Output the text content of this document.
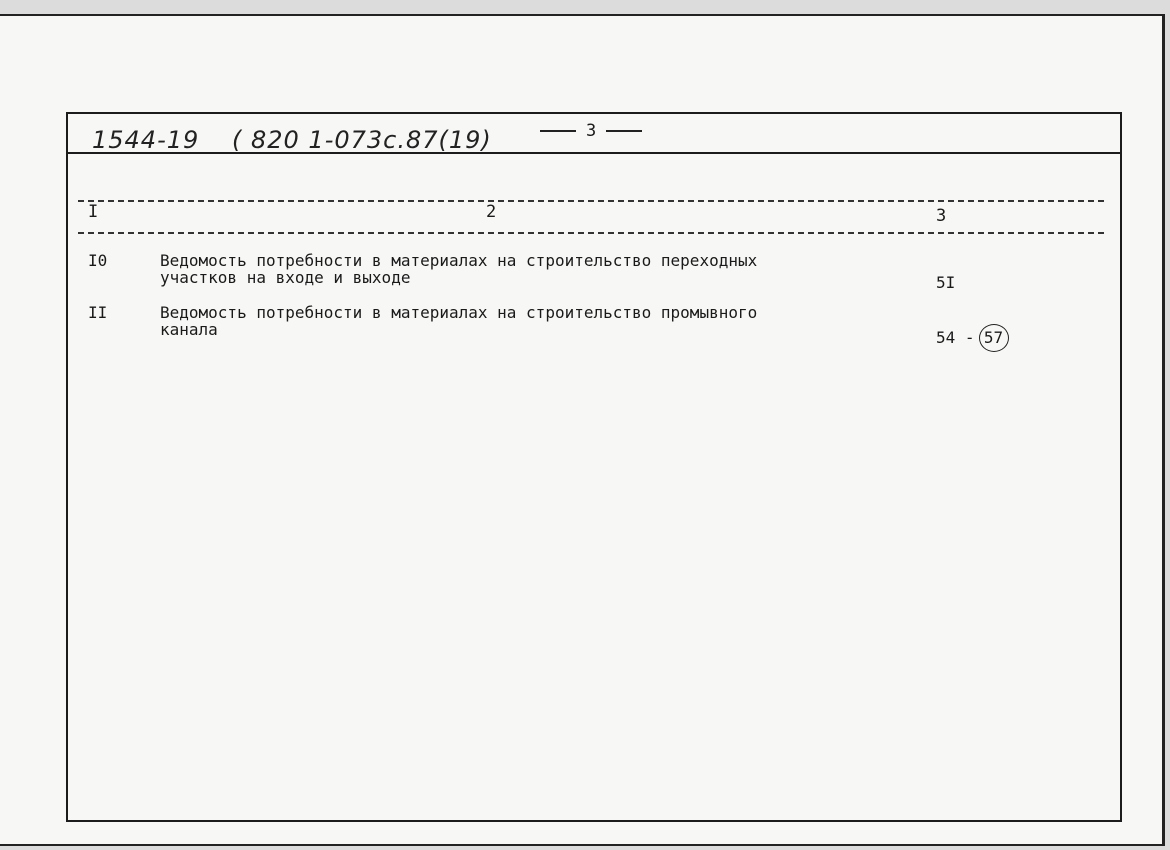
1544-19 ( 820 1-073с.87(19)	3
I	2	3
I0	Ведомость потребности в материалах на строительство переходных
участков на входе и выходе	5I
II	Ведомость потребности в материалах на строительство промывного
канала	54 - 57
